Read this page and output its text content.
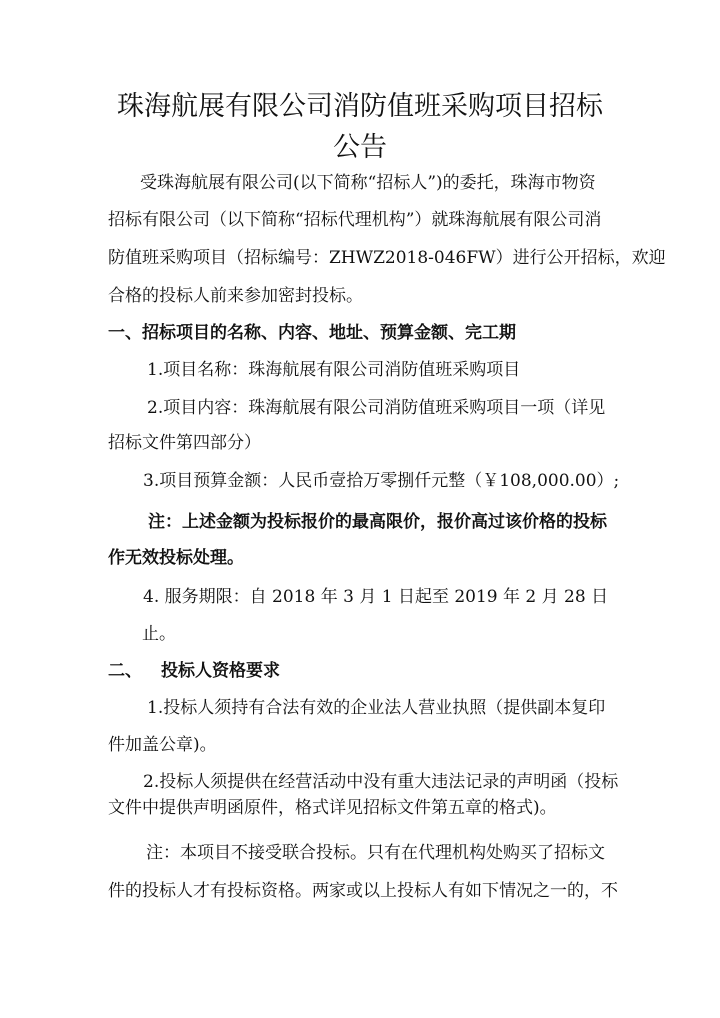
珠海航展有限公司消防值班采购项目招标
公告
受珠海航展有限公司(以下简称“招标人”)的委托，珠海市物资
招标有限公司（以下简称“招标代理机构”）就珠海航展有限公司消
防值班采购项目（招标编号：ZHWZ2018-046FW）进行公开招标，欢迎
合格的投标人前来参加密封投标。
一、招标项目的名称、内容、地址、预算金额、完工期
1.项目名称：珠海航展有限公司消防值班采购项目
2.项目内容：珠海航展有限公司消防值班采购项目一项（详见
招标文件第四部分）
3.项目预算金额：人民币壹拾万零捌仟元整（￥108,000.00）;
注：上述金额为投标报价的最高限价，报价高过该价格的投标
作无效投标处理。
4. 服务期限：自 2018 年 3 月 1 日起至 2019 年 2 月 28 日
止。
二、 投标人资格要求
1.投标人须持有合法有效的企业法人营业执照（提供副本复印
件加盖公章)。
2.投标人须提供在经营活动中没有重大违法记录的声明函（投标
文件中提供声明函原件，格式详见招标文件第五章的格式)。
注：本项目不接受联合投标。只有在代理机构处购买了招标文
件的投标人才有投标资格。两家或以上投标人有如下情况之一的，不
